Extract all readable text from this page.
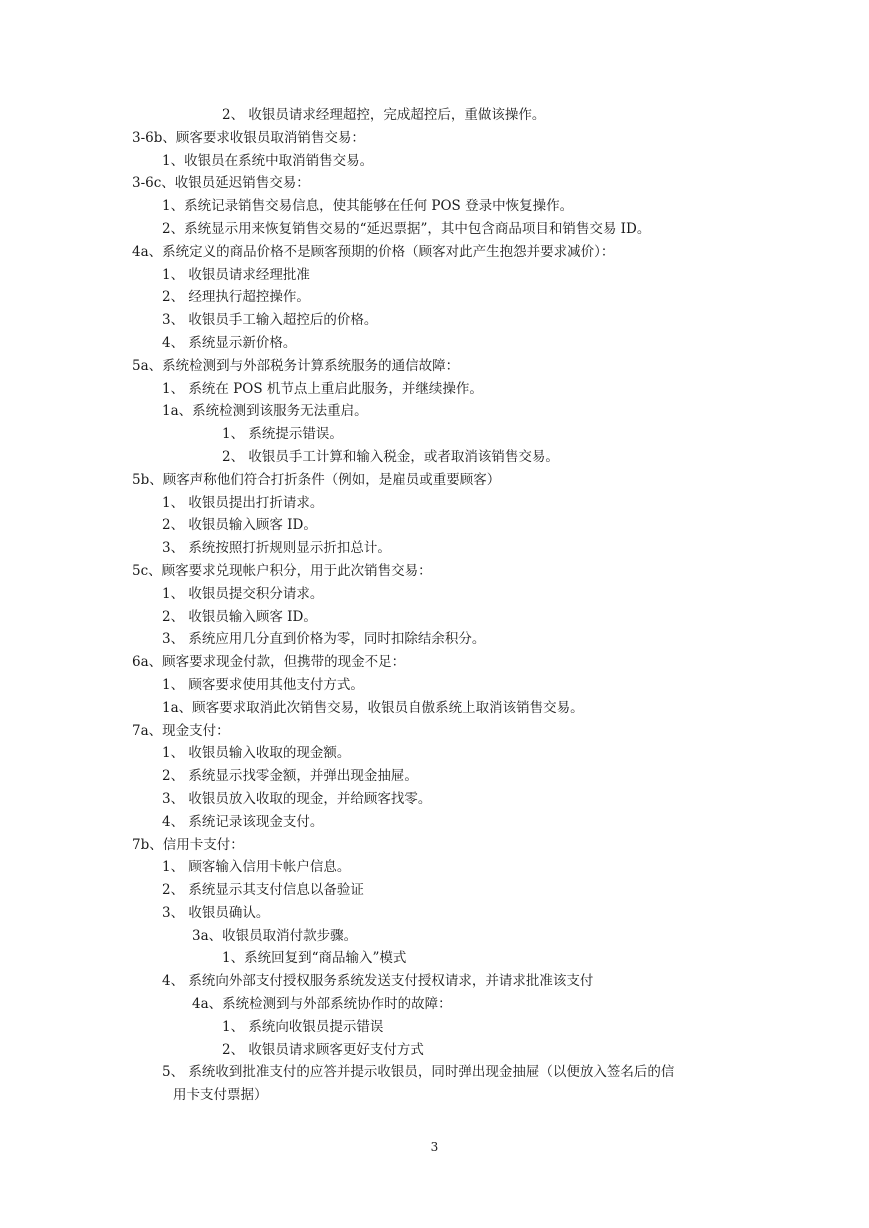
2、 收银员请求经理超控，完成超控后，重做该操作。
3-6b、顾客要求收银员取消销售交易：
1、收银员在系统中取消销售交易。
3-6c、收银员延迟销售交易：
1、系统记录销售交易信息，使其能够在任何 POS 登录中恢复操作。
2、系统显示用来恢复销售交易的“延迟票据”，其中包含商品项目和销售交易 ID。
4a、系统定义的商品价格不是顾客预期的价格（顾客对此产生抱怨并要求减价）：
1、 收银员请求经理批准
2、 经理执行超控操作。
3、 收银员手工输入超控后的价格。
4、 系统显示新价格。
5a、系统检测到与外部税务计算系统服务的通信故障：
1、 系统在 POS 机节点上重启此服务，并继续操作。
1a、系统检测到该服务无法重启。
1、 系统提示错误。
2、 收银员手工计算和输入税金，或者取消该销售交易。
5b、顾客声称他们符合打折条件（例如，是雇员或重要顾客）
1、 收银员提出打折请求。
2、 收银员输入顾客 ID。
3、 系统按照打折规则显示折扣总计。
5c、顾客要求兑现帐户积分，用于此次销售交易：
1、 收银员提交积分请求。
2、 收银员输入顾客 ID。
3、 系统应用几分直到价格为零，同时扣除结余积分。
6a、顾客要求现金付款，但携带的现金不足：
1、 顾客要求使用其他支付方式。
1a、顾客要求取消此次销售交易，收银员自傲系统上取消该销售交易。
7a、现金支付：
1、 收银员输入收取的现金额。
2、 系统显示找零金额，并弹出现金抽屉。
3、 收银员放入收取的现金，并给顾客找零。
4、 系统记录该现金支付。
7b、信用卡支付：
1、 顾客输入信用卡帐户信息。
2、 系统显示其支付信息以备验证
3、 收银员确认。
3a、收银员取消付款步骤。
1、系统回复到“商品输入”模式
4、 系统向外部支付授权服务系统发送支付授权请求，并请求批准该支付
4a、系统检测到与外部系统协作时的故障：
1、 系统向收银员提示错误
2、 收银员请求顾客更好支付方式
5、 系统收到批准支付的应答并提示收银员，同时弹出现金抽屉（以便放入签名后的信
用卡支付票据）
3
